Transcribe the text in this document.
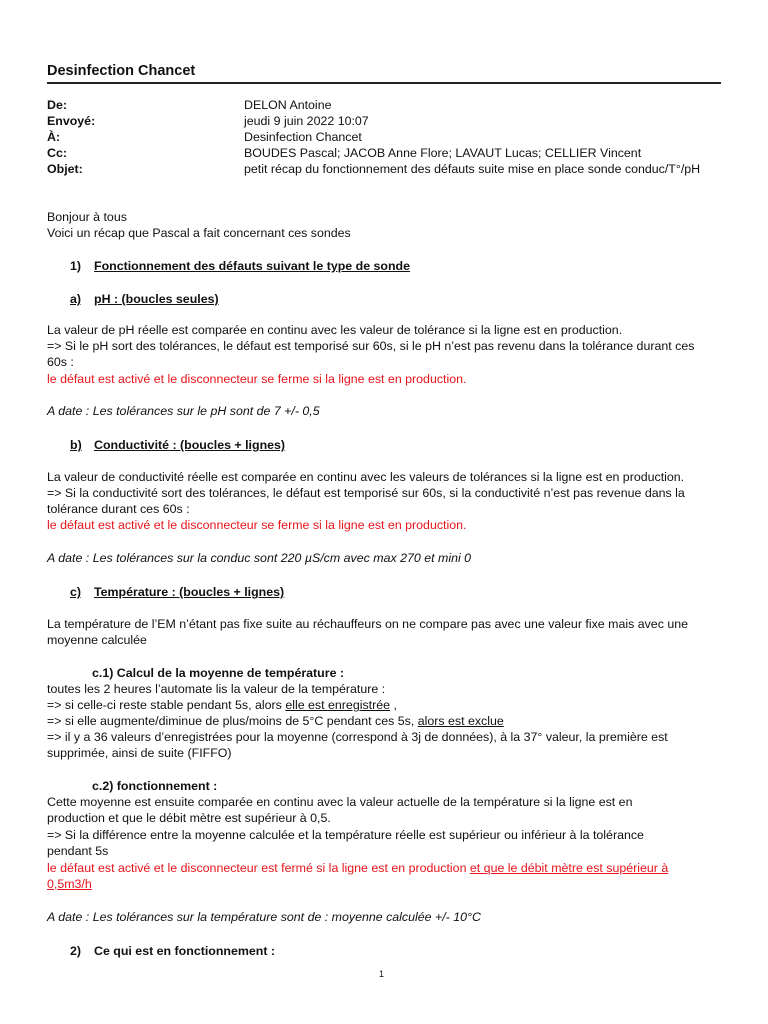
Desinfection Chancet
De:	DELON Antoine
Envoyé:	jeudi 9 juin 2022 10:07
À:	Desinfection Chancet
Cc:	BOUDES Pascal; JACOB Anne Flore; LAVAUT Lucas; CELLIER Vincent
Objet:	petit récap du fonctionnement des défauts suite mise en place sonde conduc/T°/pH
Bonjour à tous
Voici un récap que Pascal a fait concernant ces sondes
1) Fonctionnement des défauts suivant le type de sonde
a) pH : (boucles seules)
La valeur de pH réelle est comparée en continu avec les valeur de tolérance si la ligne est en production.
=> Si le pH sort des tolérances, le défaut est temporisé sur 60s, si le pH n’est pas revenu dans la tolérance durant ces
60s :
le défaut est activé et le disconnecteur se ferme si la ligne est en production.
A date : Les tolérances sur le pH sont de 7 +/- 0,5
b) Conductivité : (boucles + lignes)
La valeur de conductivité réelle est comparée en continu avec les valeurs de tolérances si la ligne est en production.
=> Si la conductivité sort des tolérances, le défaut est temporisé sur 60s, si la conductivité n’est pas revenue dans la
tolérance durant ces 60s :
le défaut est activé et le disconnecteur se ferme si la ligne est en production.
A date : Les tolérances sur la conduc sont 220 µS/cm avec max 270 et mini 0
c) Température : (boucles + lignes)
La température de l’EM n’étant pas fixe suite au réchauffeurs on ne compare pas avec une valeur fixe mais avec une
moyenne calculée
c.1) Calcul de la moyenne de température :
toutes les 2 heures l’automate lis la valeur de la température :
=> si celle-ci reste stable pendant 5s, alors elle est enregistrée ,
=> si elle augmente/diminue de plus/moins de 5°C pendant ces 5s, alors est exclue
=> il y a 36 valeurs d’enregistrées pour la moyenne (correspond à 3j de données), à la 37° valeur, la première est
supprimée, ainsi de suite (FIFFO)
c.2) fonctionnement :
Cette moyenne est ensuite comparée en continu avec la valeur actuelle de la température si la ligne est en
production et que le débit mètre est supérieur à 0,5.
=> Si la différence entre la moyenne calculée et la température réelle est supérieur ou inférieur à la tolérance
pendant 5s
le défaut est activé et le disconnecteur est fermé si la ligne est en production et que le débit mètre est supérieur à
0,5m3/h
A date : Les tolérances sur la température sont de : moyenne calculée +/- 10°C
2) Ce qui est en fonctionnement :
1
